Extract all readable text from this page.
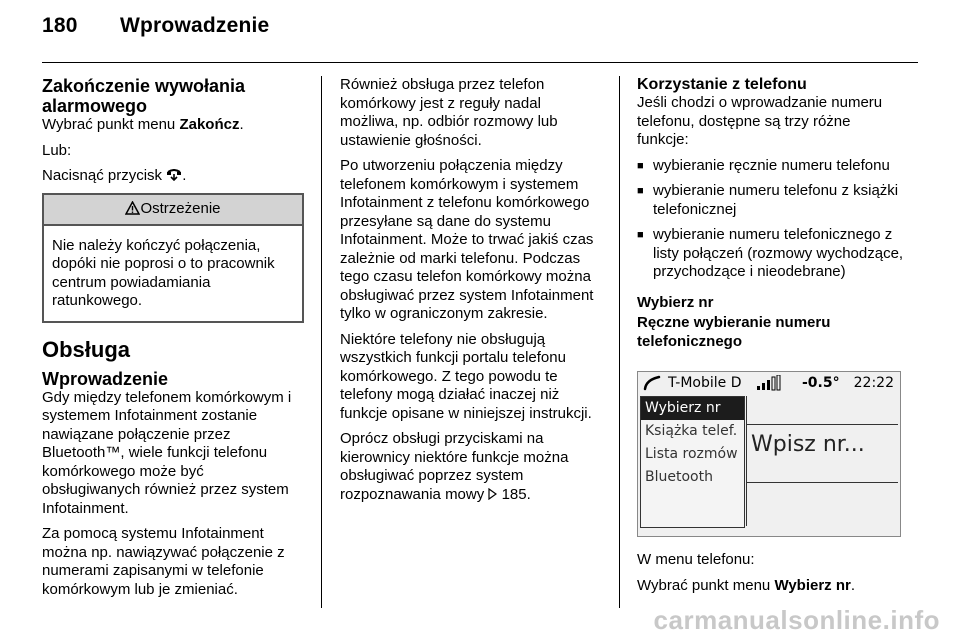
180 Wprowadzenie
Zakończenie wywołania alarmowego

Wybrać punkt menu Zakończ.

Lub:

Nacisnąć przycisk .

Ostrzeżenie
Nie należy kończyć połączenia, dopóki nie poprosi o to pracownik centrum powiadamiania ratunkowego.
Obsługa
Wprowadzenie

Gdy między telefonem komórkowym i systemem Infotainment zostanie nawiązane połączenie przez Bluetooth™, wiele funkcji telefonu komórkowego może być obsługiwanych również przez system Infotainment.

Za pomocą systemu Infotainment można np. nawiązywać połączenie z numerami zapisanymi w telefonie komórkowym lub je zmieniać.

Również obsługa przez telefon komórkowy jest z reguły nadal możliwa, np. odbiór rozmowy lub ustawienie głośności.

Po utworzeniu połączenia między telefonem komórkowym i systemem Infotainment z telefonu komórkowego przesyłane są dane do systemu Infotainment. Może to trwać jakiś czas zależnie od marki telefonu. Podczas tego czasu telefon komórkowy można obsługiwać przez system Infotainment tylko w ograniczonym zakresie.

Niektóre telefony nie obsługują wszystkich funkcji portalu telefonu komórkowego. Z tego powodu te telefony mogą działać inaczej niż funkcje opisane w niniejszej instrukcji.

Oprócz obsługi przyciskami na kierownicy niektóre funkcje można obsługiwać poprzez system rozpoznawania mowy  185.

Korzystanie z telefonu

Jeśli chodzi o wprowadzanie numeru telefonu, dostępne są trzy różne funkcje:

■ wybieranie ręcznie numeru telefonu
■ wybieranie numeru telefonu z książki telefonicznej
■ wybieranie numeru telefonicznego z listy połączeń (rozmowy wychodzące, przychodzące i nieodebrane)

Wybierz nr

Ręczne wybieranie numeru telefonicznego

T-Mobile D	-0.5° 22:22
Wybierz nr
Książka telef.
Lista rozmów
Bluetooth
Wpisz nr...

W menu telefonu:

Wybrać punkt menu Wybierz nr.

carmanualsonline.info
